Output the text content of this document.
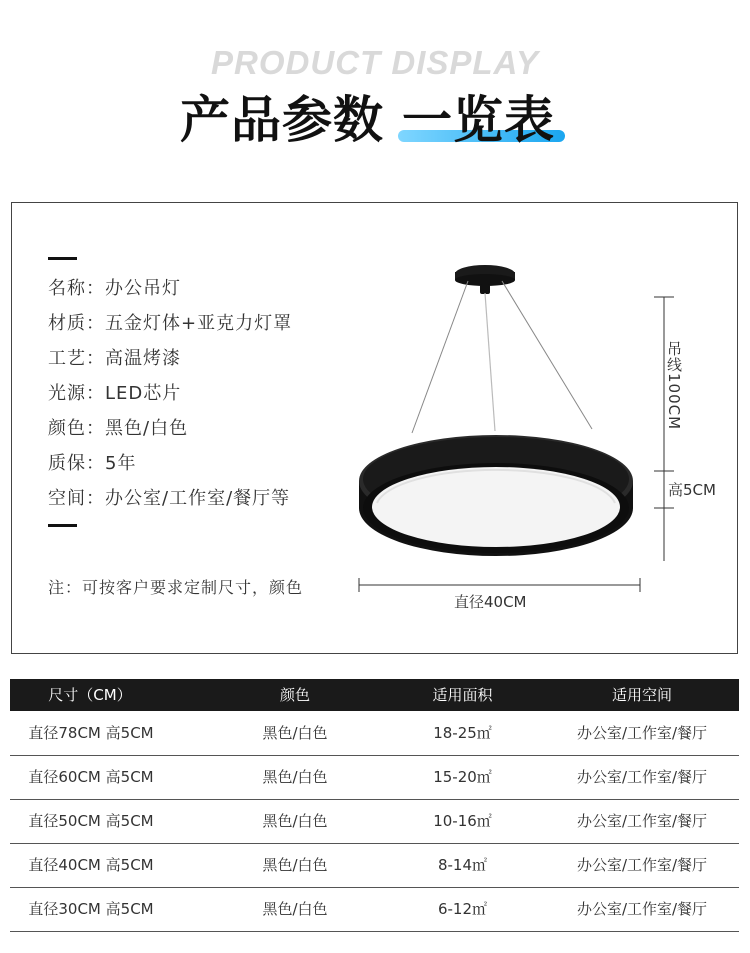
PRODUCT DISPLAY
产品参数 一览表
名称：办公吊灯
材质：五金灯体+亚克力灯罩
工艺：高温烤漆
光源：LED芯片
颜色：黑色/白色
质保：5年
空间：办公室/工作室/餐厅等
注：可按客户要求定制尺寸，颜色
吊线100CM
高5CM
直径40CM
尺寸（CM）	颜色	适用面积	适用空间
直径78CM 高5CM	黑色/白色	18-25㎡	办公室/工作室/餐厅
直径60CM 高5CM	黑色/白色	15-20㎡	办公室/工作室/餐厅
直径50CM 高5CM	黑色/白色	10-16㎡	办公室/工作室/餐厅
直径40CM 高5CM	黑色/白色	8-14㎡	办公室/工作室/餐厅
直径30CM 高5CM	黑色/白色	6-12㎡	办公室/工作室/餐厅
